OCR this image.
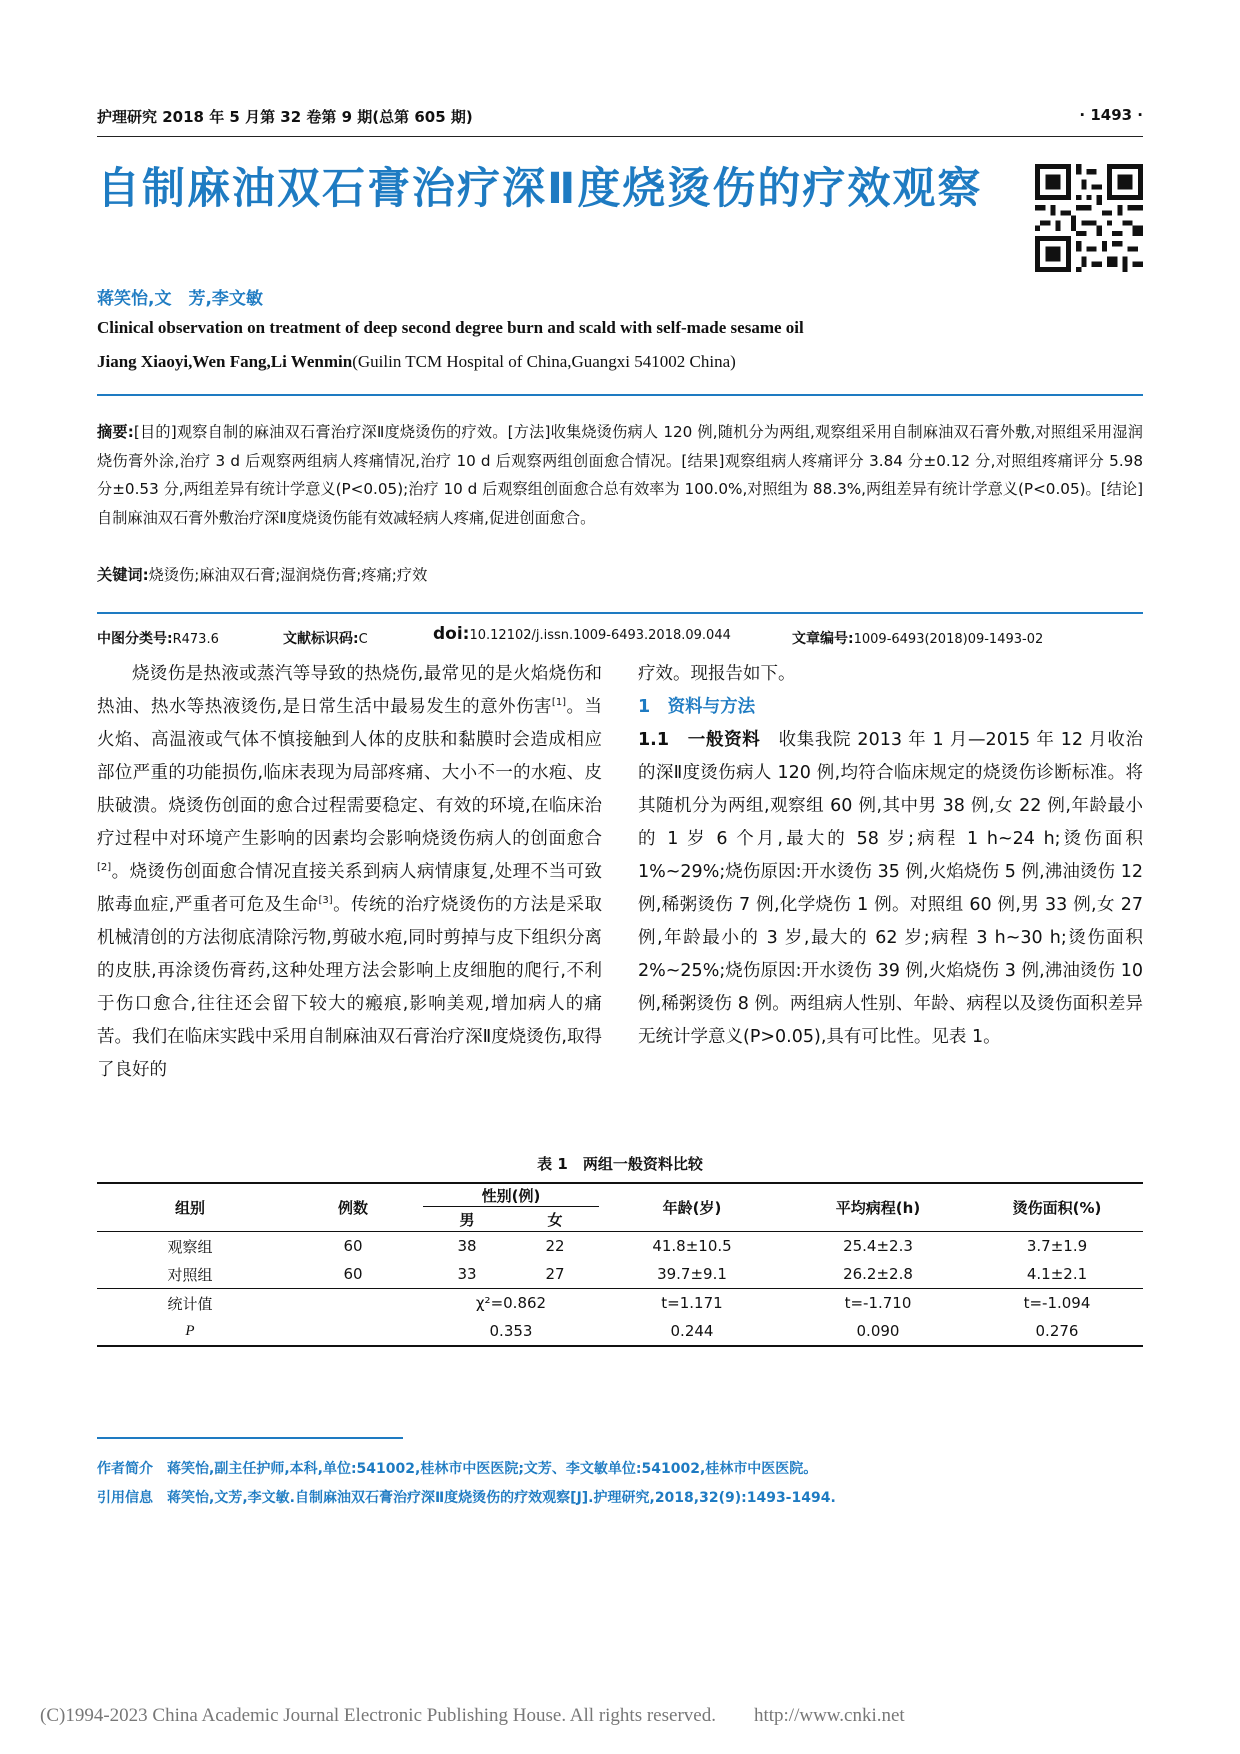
护理研究 2018 年 5 月第 32 卷第 9 期(总第 605 期)	· 1493 ·
自制麻油双石膏治疗深Ⅱ度烧烫伤的疗效观察
蒋笑怡,文　芳,李文敏
Clinical observation on treatment of deep second degree burn and scald with self-made sesame oil
Jiang Xiaoyi,Wen Fang,Li Wenmin(Guilin TCM Hospital of China,Guangxi 541002 China)
摘要:[目的]观察自制的麻油双石膏治疗深Ⅱ度烧烫伤的疗效。[方法]收集烧烫伤病人 120 例,随机分为两组,观察组采用自制麻油双石膏外敷,对照组采用湿润烧伤膏外涂,治疗 3 d 后观察两组病人疼痛情况,治疗 10 d 后观察两组创面愈合情况。[结果]观察组病人疼痛评分 3.84 分±0.12 分,对照组疼痛评分 5.98 分±0.53 分,两组差异有统计学意义(P<0.05);治疗 10 d 后观察组创面愈合总有效率为 100.0%,对照组为 88.3%,两组差异有统计学意义(P<0.05)。[结论]自制麻油双石膏外敷治疗深Ⅱ度烧烫伤能有效减轻病人疼痛,促进创面愈合。
关键词:烧烫伤;麻油双石膏;湿润烧伤膏;疼痛;疗效
中图分类号:R473.6	文献标识码:C	doi:10.12102/j.issn.1009-6493.2018.09.044	文章编号:1009-6493(2018)09-1493-02

烧烫伤是热液或蒸汽等导致的热烧伤,最常见的是火焰烧伤和热油、热水等热液烫伤,是日常生活中最易发生的意外伤害[1]。当火焰、高温液或气体不慎接触到人体的皮肤和黏膜时会造成相应部位严重的功能损伤,临床表现为局部疼痛、大小不一的水疱、皮肤破溃。烧烫伤创面的愈合过程需要稳定、有效的环境,在临床治疗过程中对环境产生影响的因素均会影响烧烫伤病人的创面愈合[2]。烧烫伤创面愈合情况直接关系到病人病情康复,处理不当可致脓毒血症,严重者可危及生命[3]。传统的治疗烧烫伤的方法是采取机械清创的方法彻底清除污物,剪破水疱,同时剪掉与皮下组织分离的皮肤,再涂烫伤膏药,这种处理方法会影响上皮细胞的爬行,不利于伤口愈合,往往还会留下较大的瘢痕,影响美观,增加病人的痛苦。我们在临床实践中采用自制麻油双石膏治疗深Ⅱ度烧烫伤,取得了良好的

疗效。现报告如下。

1　资料与方法

1.1　一般资料　收集我院 2013 年 1 月—2015 年 12 月收治的深Ⅱ度烫伤病人 120 例,均符合临床规定的烧烫伤诊断标准。将其随机分为两组,观察组 60 例,其中男 38 例,女 22 例,年龄最小的 1 岁 6 个月,最大的 58 岁;病程 1 h~24 h;烫伤面积 1%~29%;烧伤原因:开水烫伤 35 例,火焰烧伤 5 例,沸油烫伤 12 例,稀粥烫伤 7 例,化学烧伤 1 例。对照组 60 例,男 33 例,女 27 例,年龄最小的 3 岁,最大的 62 岁;病程 3 h~30 h;烫伤面积 2%~25%;烧伤原因:开水烫伤 39 例,火焰烧伤 3 例,沸油烫伤 10 例,稀粥烫伤 8 例。两组病人性别、年龄、病程以及烫伤面积差异无统计学意义(P>0.05),具有可比性。见表 1。

表 1　两组一般资料比较
组别	例数	性别(例)		年龄(岁)	平均病程(h)	烫伤面积(%)
		男	女			
观察组	60	38	22	41.8±10.5	25.4±2.3	3.7±1.9
对照组	60	33	27	39.7±9.1	26.2±2.8	4.1±2.1
统计值		χ²=0.862		t=1.171	t=-1.710	t=-1.094
P		0.353		0.244	0.090	0.276
作者简介 蒋笑怡,副主任护师,本科,单位:541002,桂林市中医医院;文芳、李文敏单位:541002,桂林市中医医院。
引用信息 蒋笑怡,文芳,李文敏.自制麻油双石膏治疗深Ⅱ度烧烫伤的疗效观察[J].护理研究,2018,32(9):1493-1494.
(C)1994-2023 China Academic Journal Electronic Publishing House. All rights reserved.　　http://www.cnki.net
